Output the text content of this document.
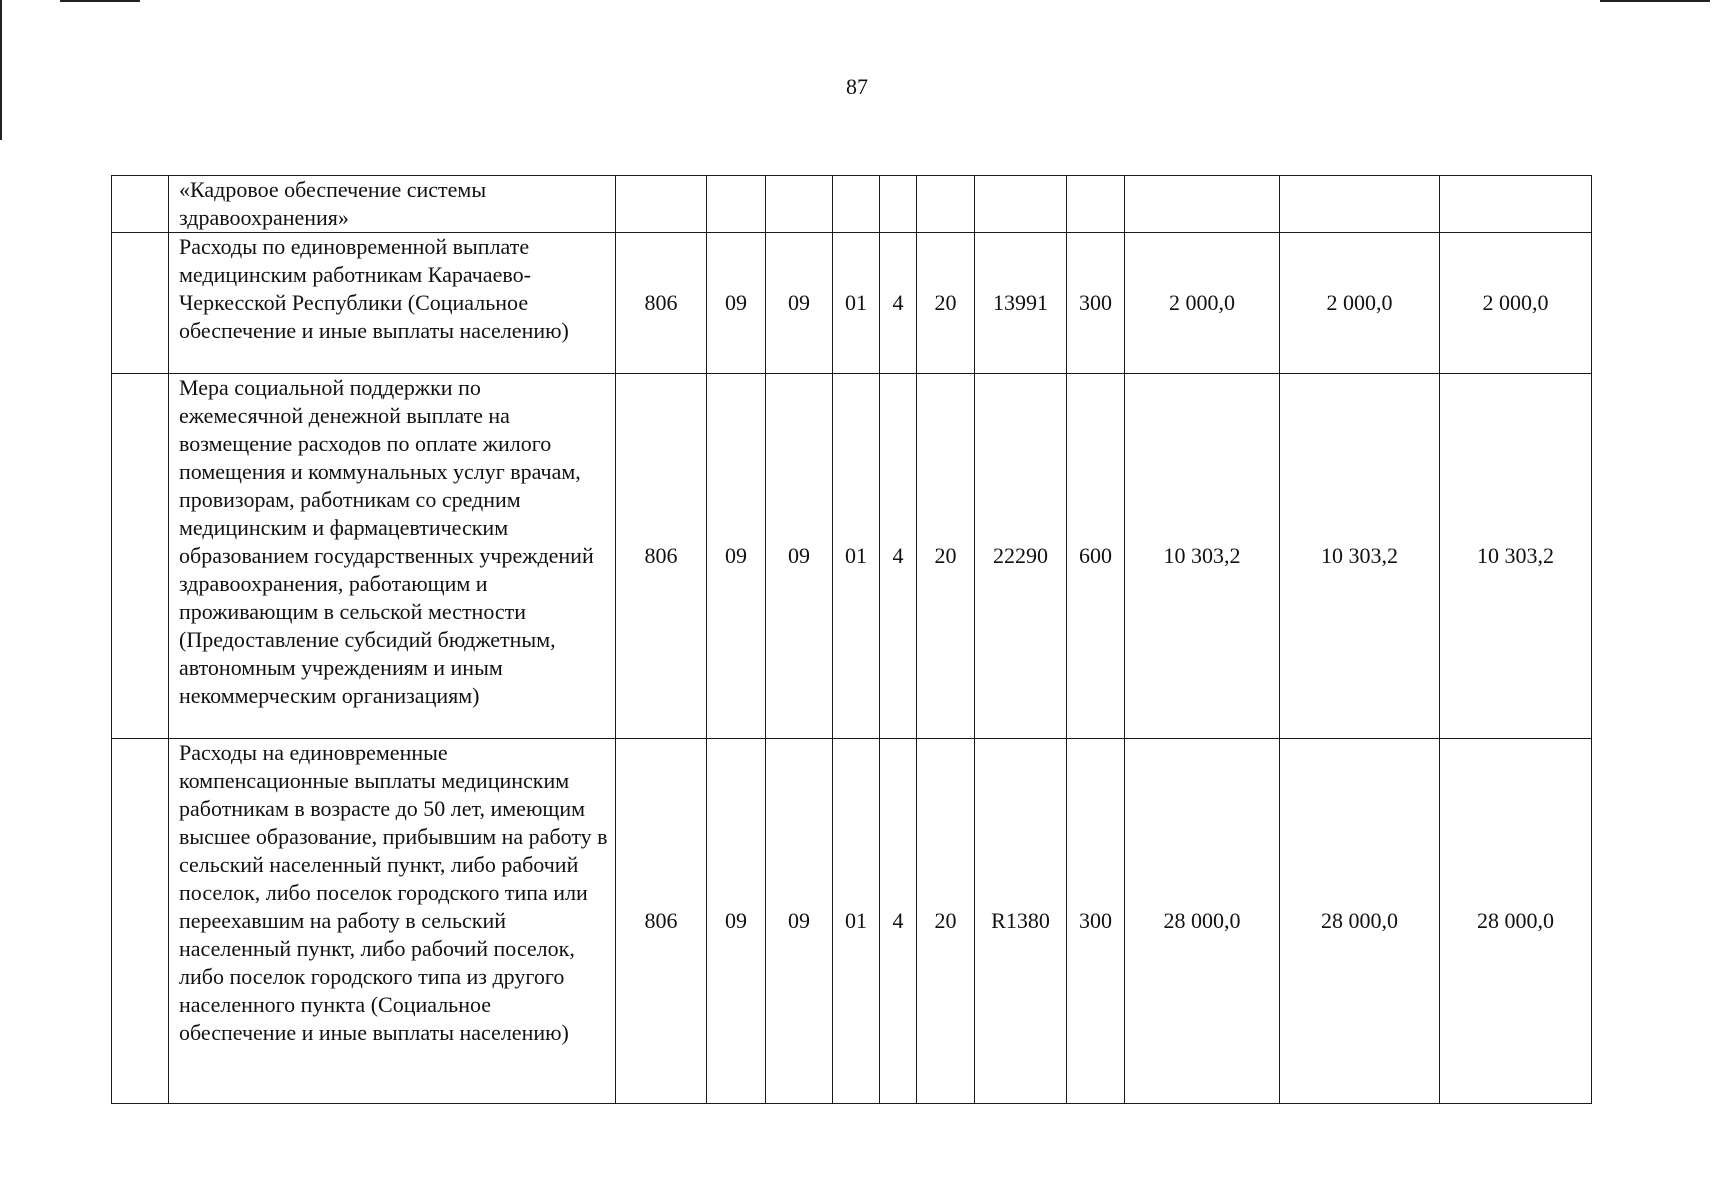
87
	«Кадровое обеспечение системы здравоохранения»											
	Расходы по единовременной выплате медицинским работникам Карачаево-Черкесской Республики (Социальное обеспечение и иные выплаты населению)	806	09	09	01	4	20	13991	300	2 000,0	2 000,0	2 000,0
	Мера социальной поддержки по ежемесячной денежной выплате на возмещение расходов по оплате жилого помещения и коммунальных услуг врачам, провизорам, работникам со средним медицинским и фармацевтическим образованием государственных учреждений здравоохранения, работающим и проживающим в сельской местности (Предоставление субсидий бюджетным, автономным учреждениям и иным некоммерческим организациям)	806	09	09	01	4	20	22290	600	10 303,2	10 303,2	10 303,2
	Расходы на единовременные компенсационные выплаты медицинским работникам в возрасте до 50 лет, имеющим высшее образование, прибывшим на работу в сельский населенный пункт, либо рабочий поселок, либо поселок городского типа или переехавшим на работу в сельский населенный пункт, либо рабочий поселок, либо поселок городского типа из другого населенного пункта (Социальное обеспечение и иные выплаты населению)	806	09	09	01	4	20	R1380	300	28 000,0	28 000,0	28 000,0
